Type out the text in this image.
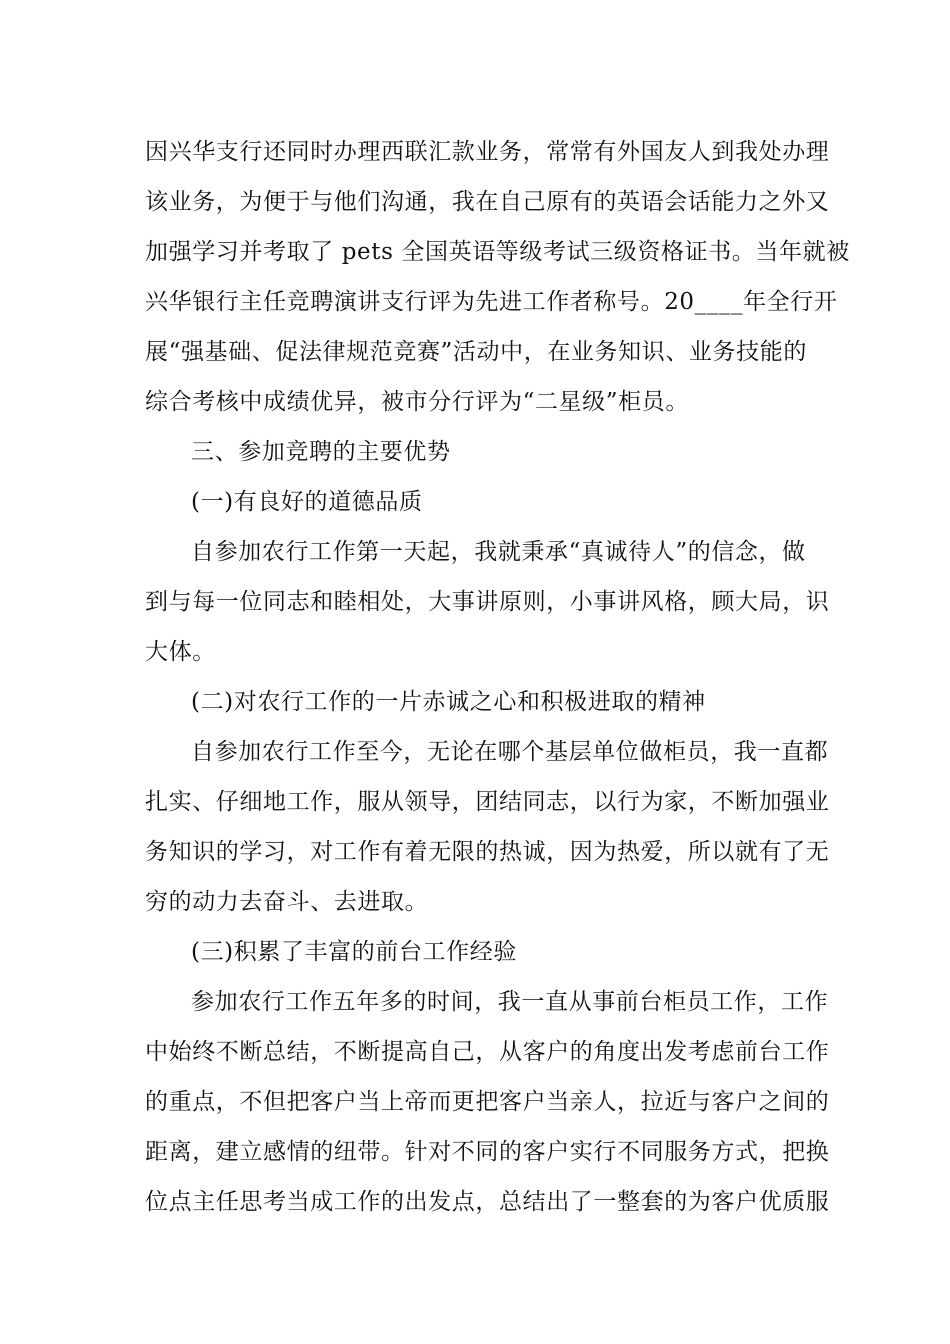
因兴华支行还同时办理西联汇款业务，常常有外国友人到我处办理
该业务，为便于与他们沟通，我在自己原有的英语会话能力之外又
加强学习并考取了 pets 全国英语等级考试三级资格证书。当年就被
兴华银行主任竞聘演讲支行评为先进工作者称号。20____年全行开
展“强基础、促法律规范竞赛”活动中，在业务知识、业务技能的
综合考核中成绩优异，被市分行评为“二星级”柜员。
三、参加竞聘的主要优势
(一)有良好的道德品质
自参加农行工作第一天起，我就秉承“真诚待人”的信念，做
到与每一位同志和睦相处，大事讲原则，小事讲风格，顾大局，识
大体。
(二)对农行工作的一片赤诚之心和积极进取的精神
自参加农行工作至今，无论在哪个基层单位做柜员，我一直都
扎实、仔细地工作，服从领导，团结同志，以行为家，不断加强业
务知识的学习，对工作有着无限的热诚，因为热爱，所以就有了无
穷的动力去奋斗、去进取。
(三)积累了丰富的前台工作经验
参加农行工作五年多的时间，我一直从事前台柜员工作，工作
中始终不断总结，不断提高自己，从客户的角度出发考虑前台工作
的重点，不但把客户当上帝而更把客户当亲人，拉近与客户之间的
距离，建立感情的纽带。针对不同的客户实行不同服务方式，把换
位点主任思考当成工作的出发点，总结出了一整套的为客户优质服
